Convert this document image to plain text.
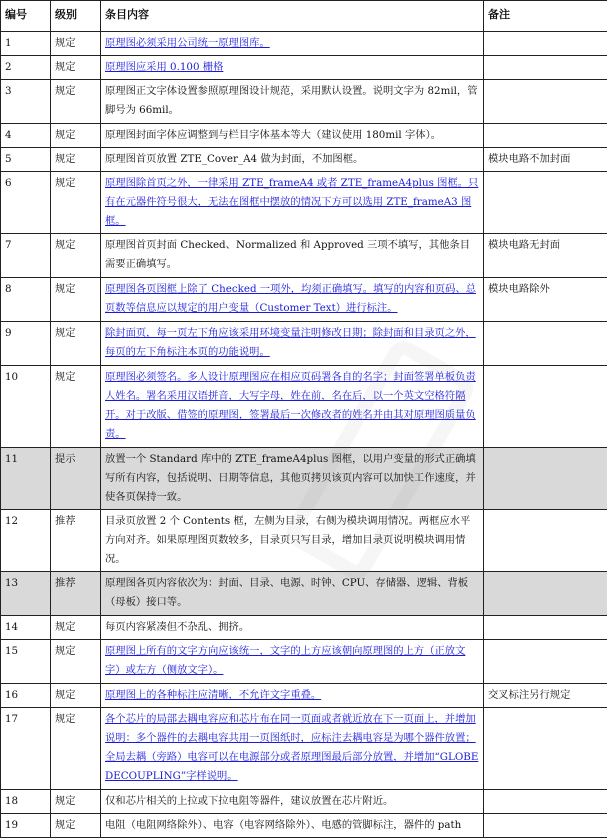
编号	级别	条目内容	备注
1	规定	原理图必须采用公司统一原理图库。	
2	规定	原理图应采用 0.100 栅格	
3	规定	原理图正文字体设置参照原理图设计规范，采用默认设置。说明文字为 82mil，管脚号为 66mil。	
4	规定	原理图封面字体应调整到与栏目字体基本等大（建议使用 180mil 字体）。	
5	规定	原理图首页放置 ZTE_Cover_A4 做为封面，不加图框。	模块电路不加封面
6	规定	原理图除首页之外，一律采用 ZTE_frameA4 或者 ZTE_frameA4plus 图框。只有在元器件符号很大，无法在图框中摆放的情况下方可以选用 ZTE_frameA3 图框。	
7	规定	原理图首页封面 Checked、Normalized 和 Approved 三项不填写，其他条目需要正确填写。	模块电路无封面
8	规定	原理图各页图框上除了 Checked 一项外，均须正确填写。填写的内容和页码、总页数等信息应以规定的用户变量（Customer Text）进行标注。	模块电路除外
9	规定	除封面页，每一页左下角应该采用环境变量注明修改日期；除封面和目录页之外，每页的左下角标注本页的功能说明。	
10	规定	原理图必须签名。多人设计原理图应在相应页码署各自的名字；封面签署单板负责人姓名。署名采用汉语拼音，大写字母，姓在前，名在后，以一个英文空格符隔开。对于改版、借签的原理图，签署最后一次修改者的姓名并由其对原理图质量负责。	
11	提示	放置一个 Standard 库中的 ZTE_frameA4plus 图框，以用户变量的形式正确填写所有内容，包括说明、日期等信息，其他页拷贝该页内容可以加快工作速度，并使各页保持一致。	
12	推荐	目录页放置 2 个 Contents 框，左侧为目录，右侧为模块调用情况。两框应水平方向对齐。如果原理图页数较多，目录页只写目录，增加目录页说明模块调用情况。	
13	推荐	原理图各页内容依次为：封面、目录、电源、时钟、CPU、存储器、逻辑、背板（母板）接口等。	
14	规定	每页内容紧凑但不杂乱、拥挤。	
15	规定	原理图上所有的文字方向应该统一，文字的上方应该朝向原理图的上方（正放文字）或左方（侧放文字）。	
16	规定	原理图上的各种标注应清晰，不允许文字重叠。	交叉标注另行规定
17	规定	各个芯片的局部去耦电容应和芯片布在同一页面或者就近放在下一页面上，并增加说明：多个器件的去耦电容共用一页图纸时，应标注去耦电容是为哪个器件放置；全局去耦（旁路）电容可以在电源部分或者原理图最后部分放置，并增加“GLOBE DECOUPLING”字样说明。	
18	规定	仅和芯片相关的上拉或下拉电阻等器件，建议放置在芯片附近。	
19	规定	电阻（电阻网络除外）、电容（电容网络除外）、电感的管脚标注，器件的 path	
